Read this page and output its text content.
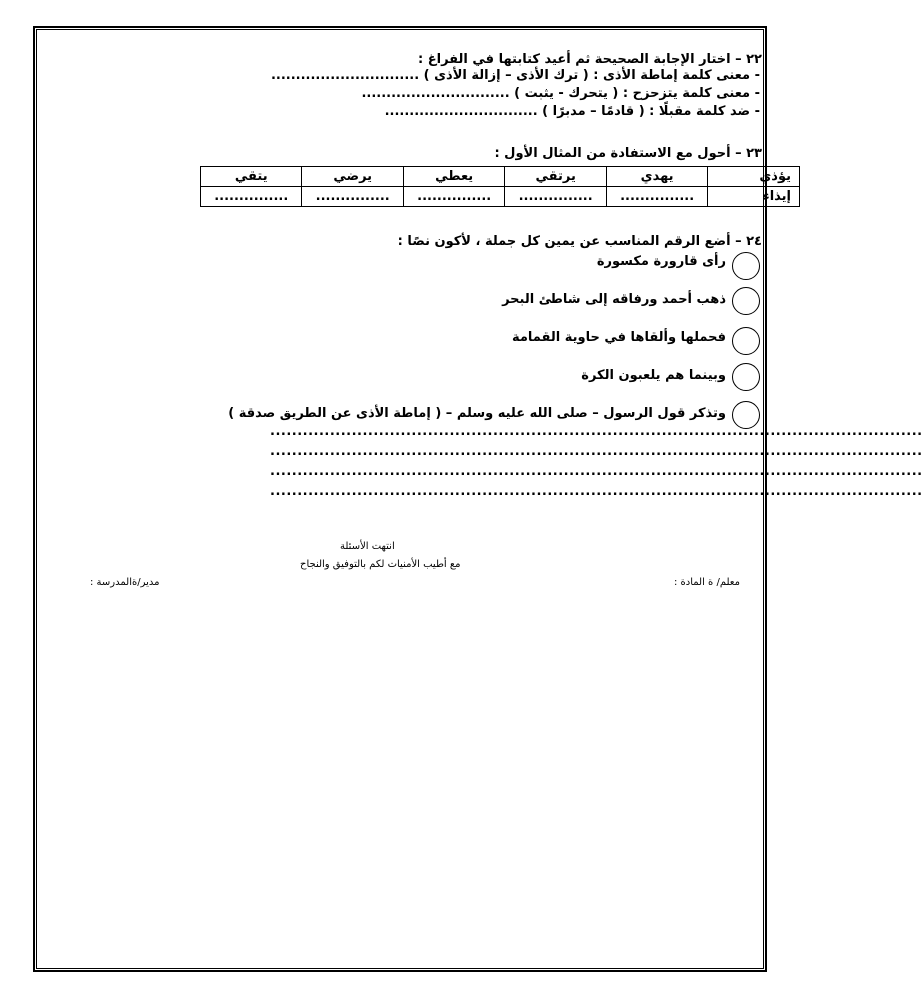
٢٢ – اختار الإجابة الصحيحة ثم أعيد كتابتها في الفراغ :
- معنى كلمة إماطة الأذى : ( ترك الأذى – إزالة الأذى ) ..............................
- معنى كلمة يتزحزح : ( يتحرك - يثبت ) ..............................
- ضد كلمة مقبلًا : ( قادمًا – مدبرًا ) ...............................
٢٣ – أحول مع الاستفادة من المثال الأول :
يؤذي	يهدي	يرتقي	يعطي	يرضي	يتقي
إيذاء	...............	...............	...............	...............	...............
٢٤ – أضع الرقم المناسب عن يمين كل جملة ، لأكون نصًا :
رأى قارورة مكسورة
ذهب أحمد ورفاقه إلى شاطئ البحر
فحملها وألقاها في حاوية القمامة
وبينما هم يلعبون الكرة
وتذكر قول الرسول – صلى الله عليه وسلم – ( إماطة الأذى عن الطريق صدقة )
........................................................................................................................
........................................................................................................................
........................................................................................................................
........................................................................................................................
انتهت الأسئلة
مع أطيب الأمنيات لكم بالتوفيق والنجاح
معلم/ ة المادة :
مدير/ةالمدرسة :
